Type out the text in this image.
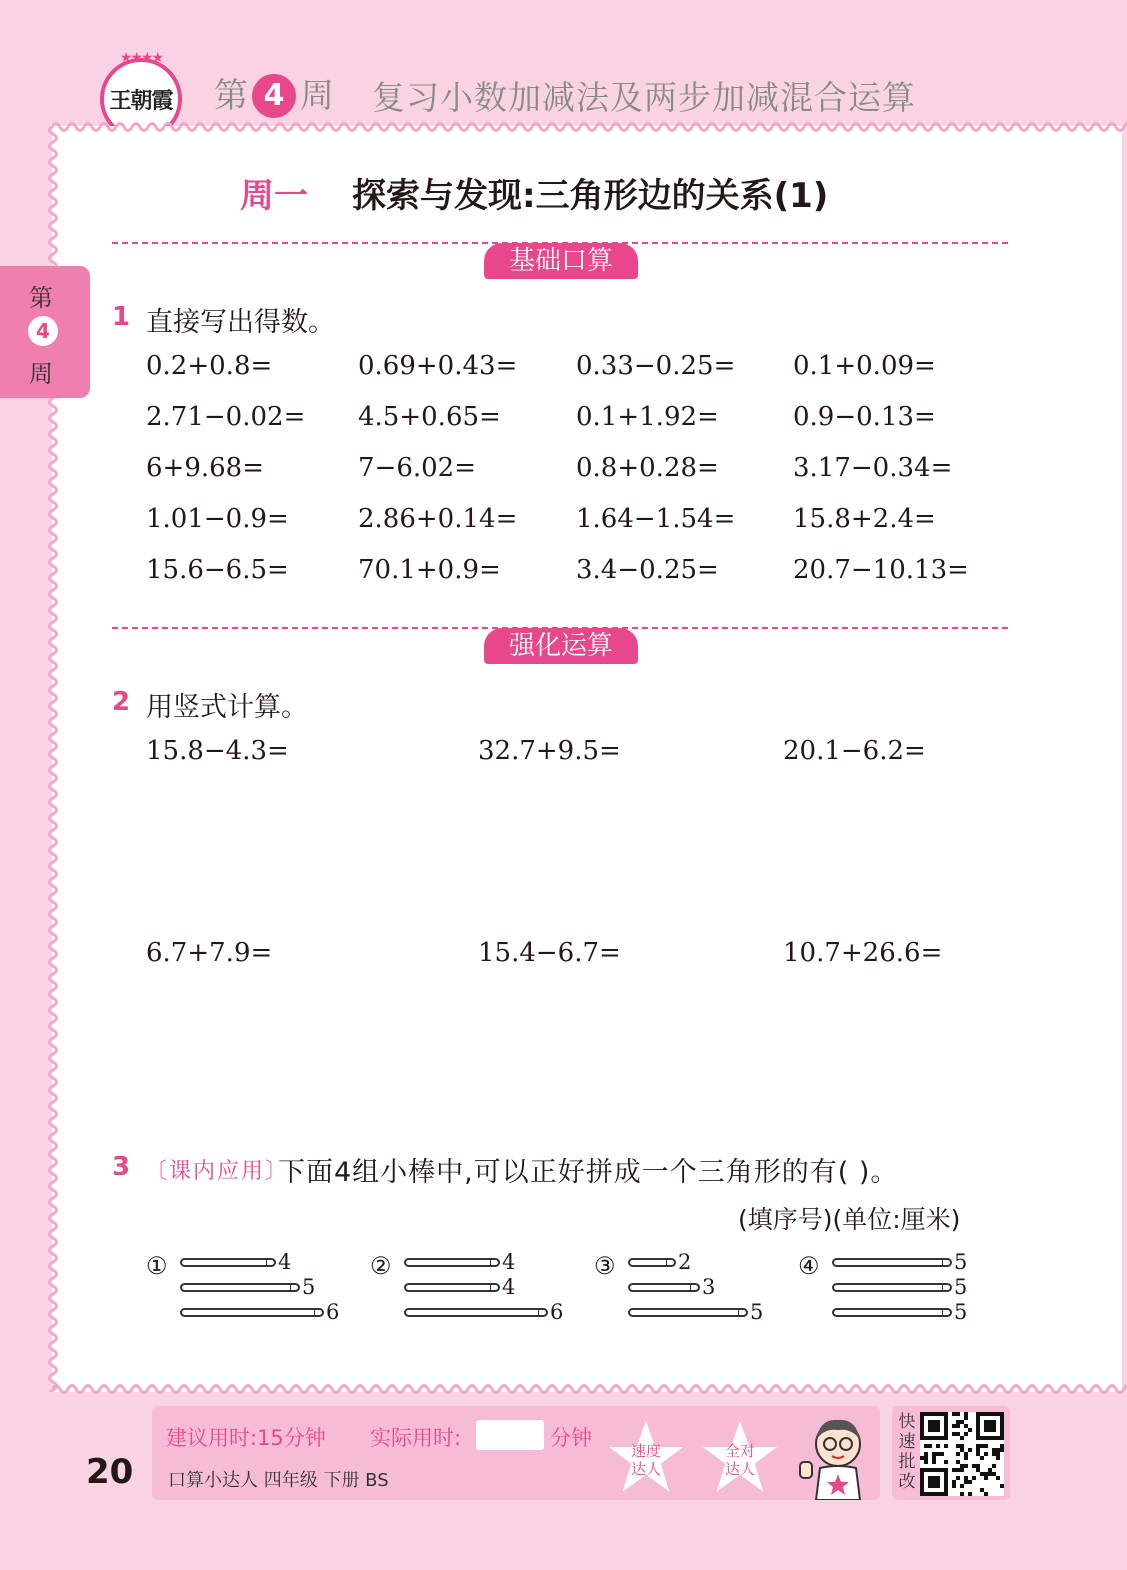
★★★★
王朝霞 第 4 周 复习小数加减法及两步加减混合运算
第
4
周
周一 探索与发现:三角形边的关系(1)
基础口算
1 直接写出得数。
0.2+0.8=	0.69+0.43= 0.33−0.25= 0.1+0.09=
2.71−0.02= 4.5+0.65=	0.1+1.92=	0.9−0.13=
6+9.68=	7−6.02=	0.8+0.28=	3.17−0.34=
1.01−0.9=	2.86+0.14= 1.64−1.54= 15.8+2.4=
15.6−6.5=	70.1+0.9=	3.4−0.25=	20.7−10.13=
强化运算
2 用竖式计算。
15.8−4.3=	32.7+9.5=	20.1−6.2=
6.7+7.9=	15.4−6.7=	10.7+26.6=
3 〔课内应用〕
下面4组小棒中,可以正好拼成一个三角形的有( )。
(填序号)(单位:厘米)
①	4
5
6
②	4
4
6
③	2
3
5
④	5
5
5
20
建议用时:15分钟 实际用时:	分钟
口算小达人 四年级 下册 BS
速度达人
全对达人
快速批改
